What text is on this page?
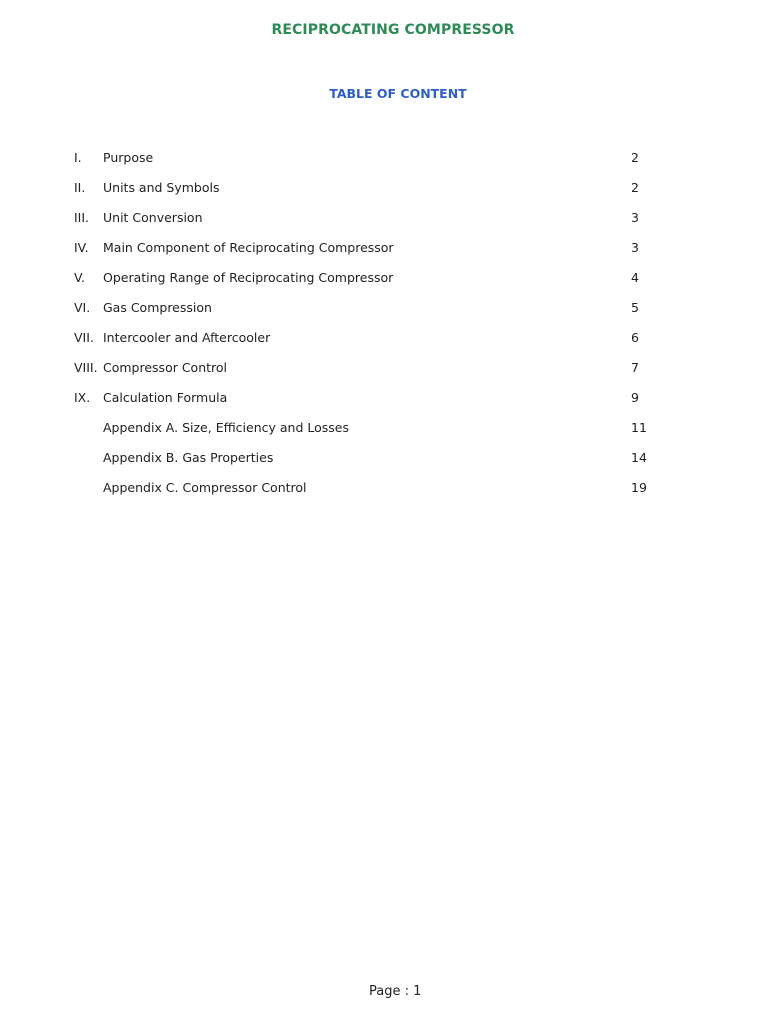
RECIPROCATING COMPRESSOR
TABLE OF CONTENT
I.	Purpose	2
II.	Units and Symbols	2
III.	Unit Conversion	3
IV.	Main Component of Reciprocating Compressor	3
V.	Operating Range of Reciprocating Compressor	4
VI.	Gas Compression	5
VII. Intercooler and Aftercooler	6
VIII. Compressor Control	7
IX.	Calculation Formula	9
Appendix A. Size, Efficiency and Losses	11
Appendix B. Gas Properties	14
Appendix C. Compressor Control	19
Page : 1
